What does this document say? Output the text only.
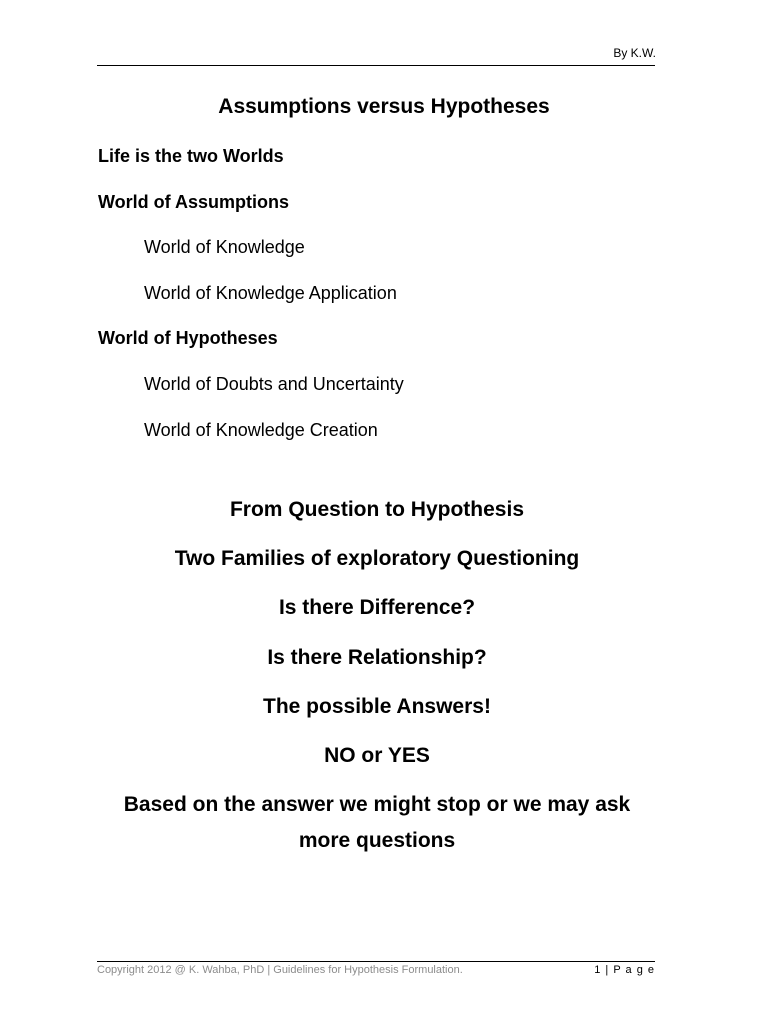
By K.W.
Assumptions versus Hypotheses
Life is the two Worlds
World of Assumptions
World of Knowledge
World of Knowledge Application
World of Hypotheses
World of Doubts and Uncertainty
World of Knowledge Creation
From Question to Hypothesis
Two Families of exploratory Questioning
Is there Difference?
Is there Relationship?
The possible Answers!
NO or YES
Based on the answer we might stop or we may ask more questions
Copyright 2012 @ K. Wahba, PhD | Guidelines for Hypothesis Formulation.	1 | P a g e
